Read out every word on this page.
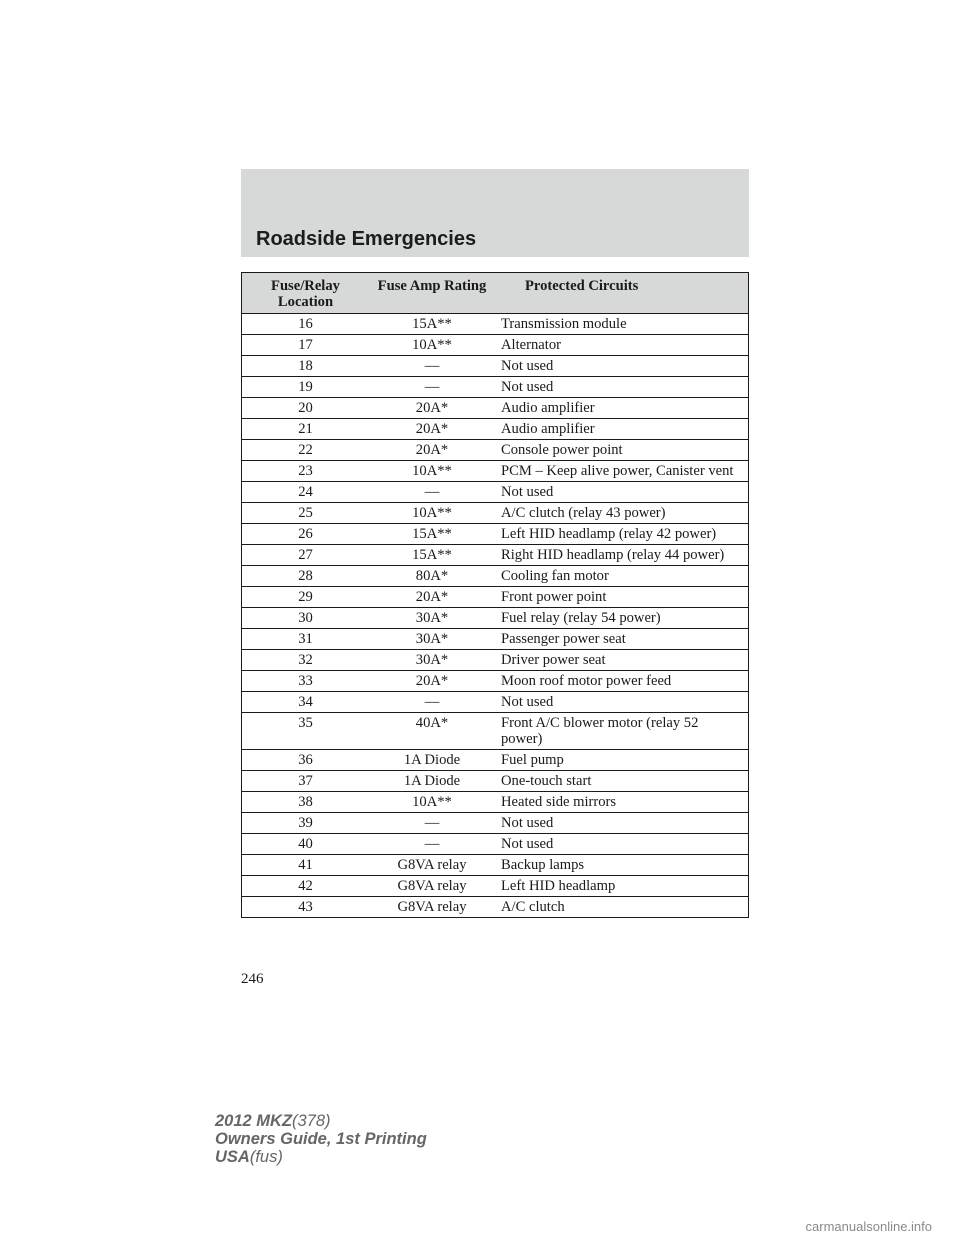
Roadside Emergencies
Fuse/Relay Location	Fuse Amp Rating	Protected Circuits
16	15A**	Transmission module
17	10A**	Alternator
18	—	Not used
19	—	Not used
20	20A*	Audio amplifier
21	20A*	Audio amplifier
22	20A*	Console power point
23	10A**	PCM – Keep alive power, Canister vent
24	—	Not used
25	10A**	A/C clutch (relay 43 power)
26	15A**	Left HID headlamp (relay 42 power)
27	15A**	Right HID headlamp (relay 44 power)
28	80A*	Cooling fan motor
29	20A*	Front power point
30	30A*	Fuel relay (relay 54 power)
31	30A*	Passenger power seat
32	30A*	Driver power seat
33	20A*	Moon roof motor power feed
34	—	Not used
35	40A*	Front A/C blower motor (relay 52 power)
36	1A Diode	Fuel pump
37	1A Diode	One-touch start
38	10A**	Heated side mirrors
39	—	Not used
40	—	Not used
41	G8VA relay	Backup lamps
42	G8VA relay	Left HID headlamp
43	G8VA relay	A/C clutch
246
2012 MKZ(378)
Owners Guide, 1st Printing
USA(fus)
carmanualsonline.info
